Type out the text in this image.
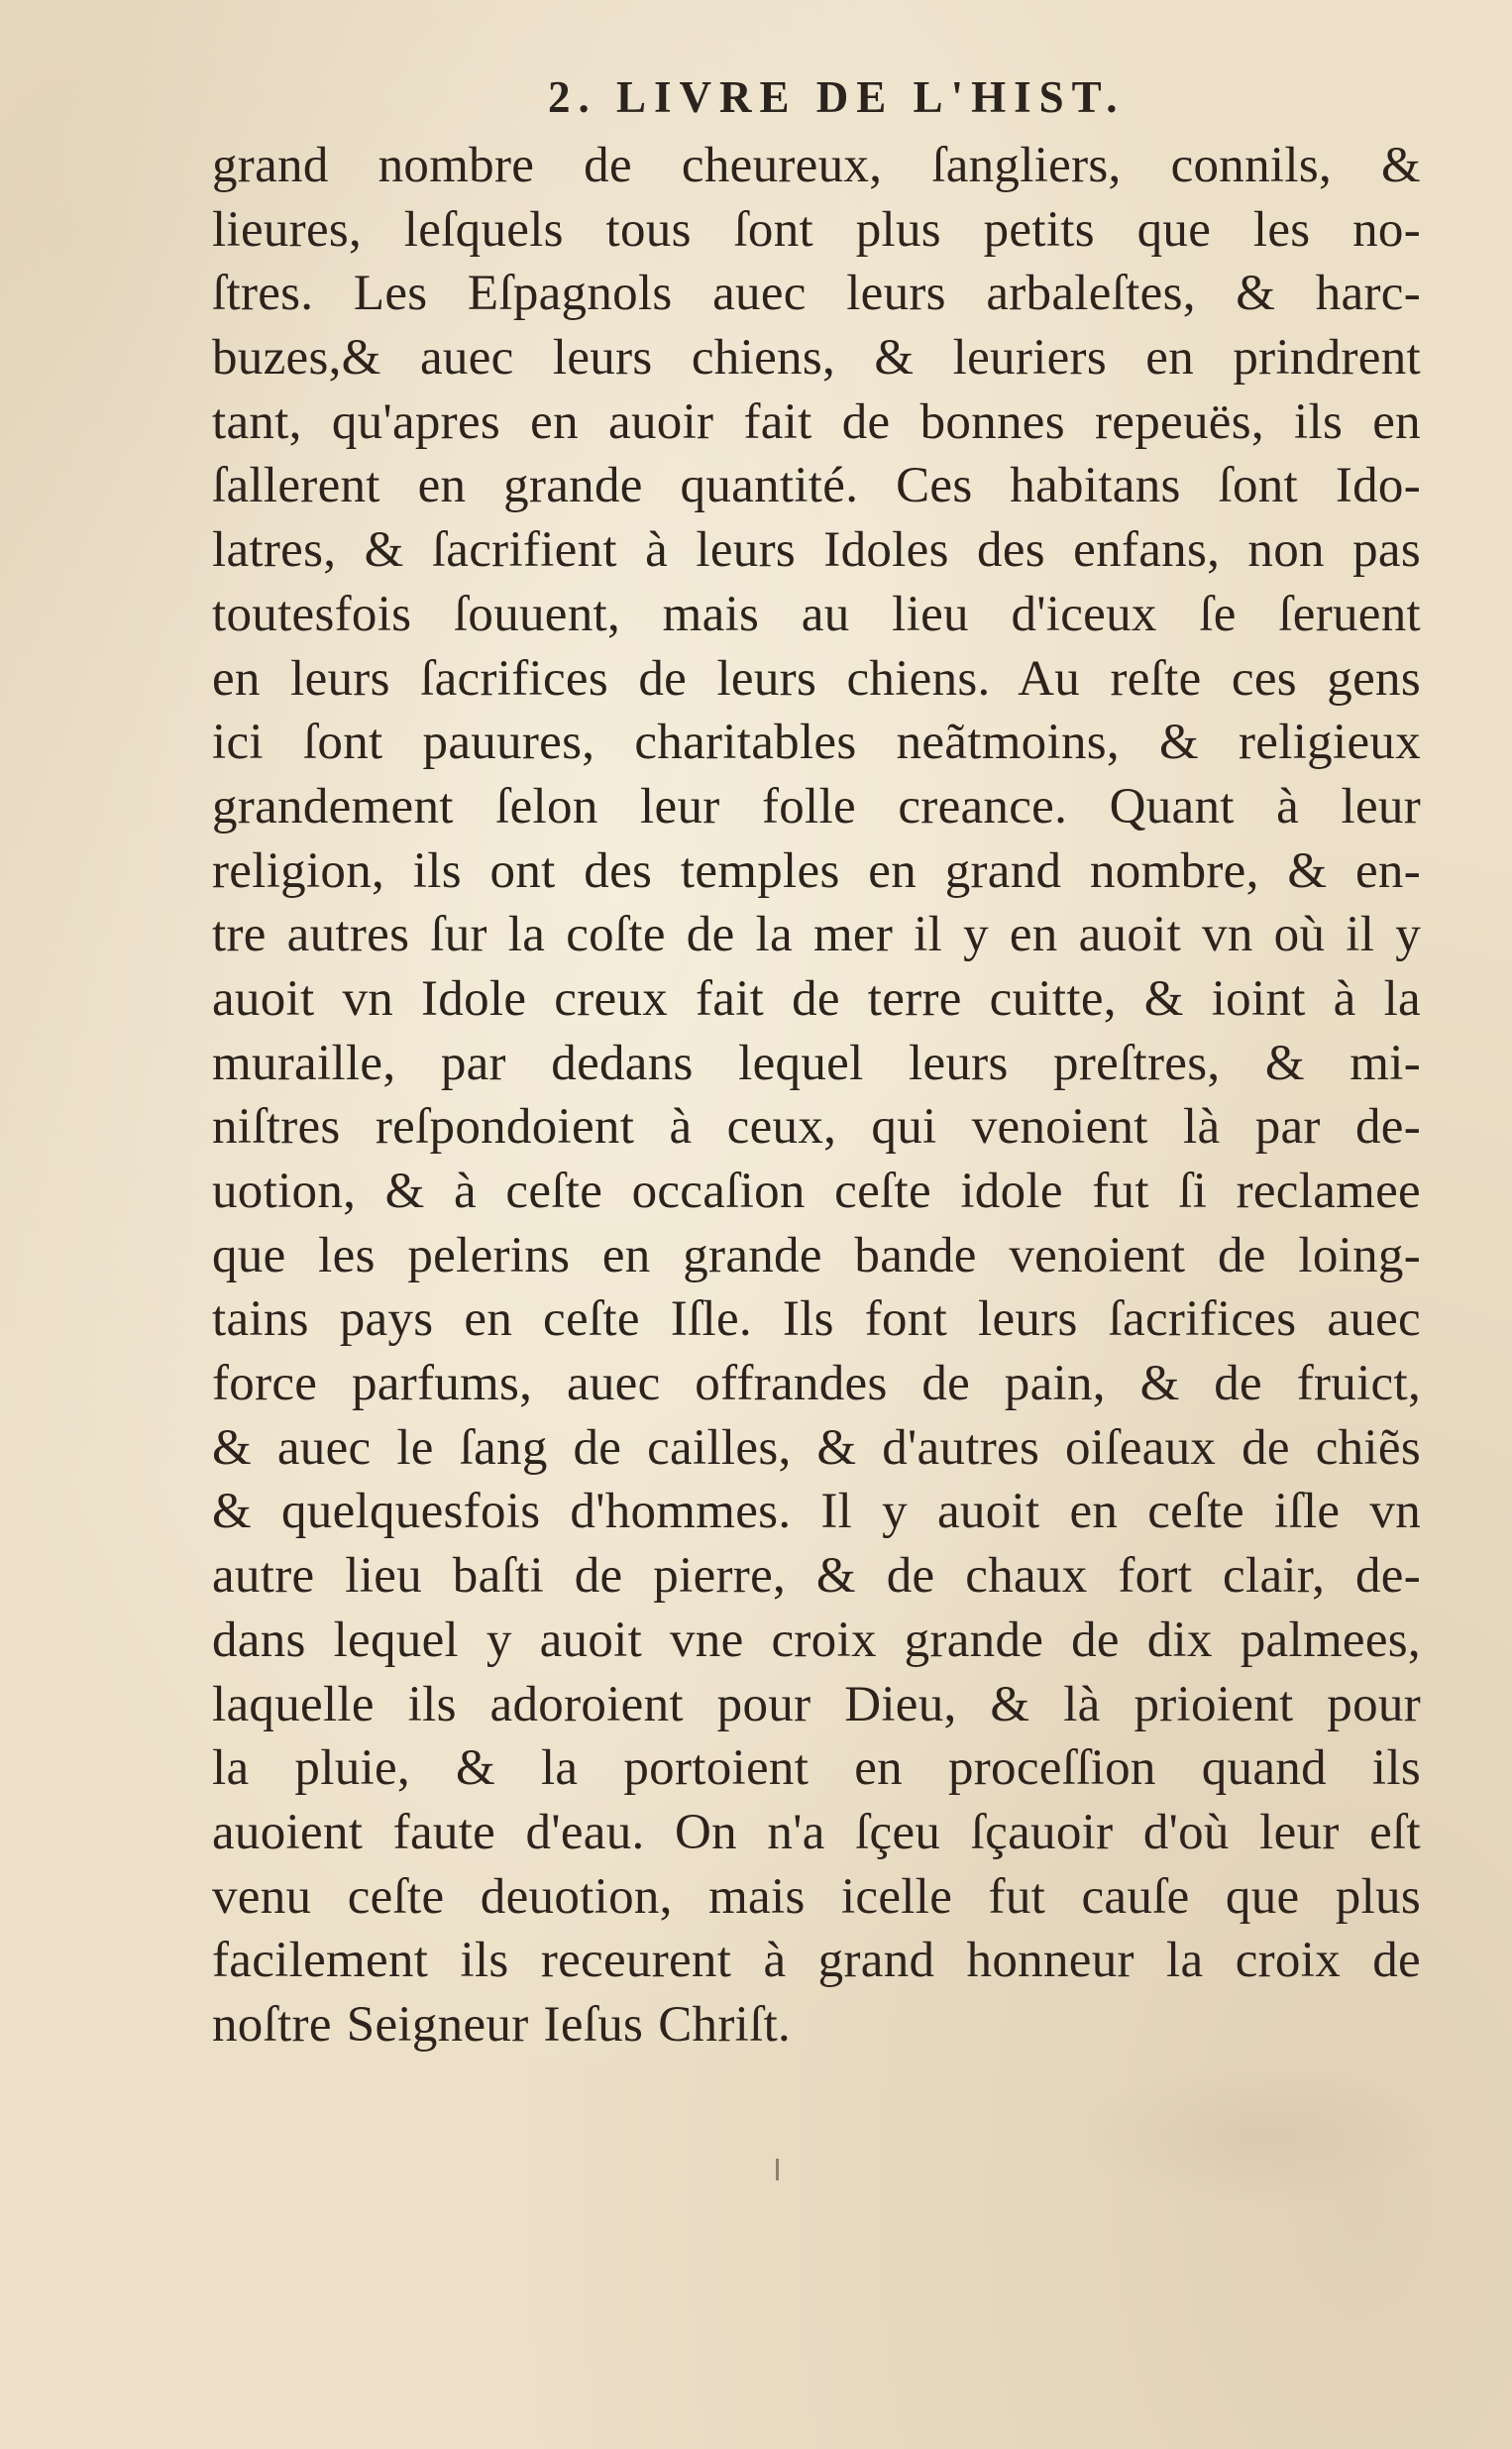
2. LIVRE DE L'HIST.
grand nombre de cheureux, ſangliers, connils, &
lieures, leſquels tous ſont plus petits que les no-
ſtres. Les Eſpagnols auec leurs arbaleſtes, & harc-
buzes,& auec leurs chiens, & leuriers en prindrent
tant, qu'apres en auoir fait de bonnes repeuës, ils en
ſallerent en grande quantité. Ces habitans ſont Ido-
latres, & ſacrifient à leurs Idoles des enfans, non pas
toutesfois ſouuent, mais au lieu d'iceux ſe ſeruent
en leurs ſacrifices de leurs chiens. Au reſte ces gens
ici ſont pauures, charitables neãtmoins, & religieux
grandement ſelon leur folle creance. Quant à leur
religion, ils ont des temples en grand nombre, & en-
tre autres ſur la coſte de la mer il y en auoit vn où il y
auoit vn Idole creux fait de terre cuitte, & ioint à la
muraille, par dedans lequel leurs preſtres, & mi-
niſtres reſpondoient à ceux, qui venoient là par de-
uotion, & à ceſte occaſion ceſte idole fut ſi reclamee
que les pelerins en grande bande venoient de loing-
tains pays en ceſte Iſle. Ils font leurs ſacrifices auec
force parfums, auec offrandes de pain, & de fruict,
& auec le ſang de cailles, & d'autres oiſeaux de chiẽs
& quelquesfois d'hommes. Il y auoit en ceſte iſle vn
autre lieu baſti de pierre, & de chaux fort clair, de-
dans lequel y auoit vne croix grande de dix palmees,
laquelle ils adoroient pour Dieu, & là prioient pour
la pluie, & la portoient en proceſſion quand ils
auoient faute d'eau. On n'a ſçeu ſçauoir d'où leur eſt
venu ceſte deuotion, mais icelle fut cauſe que plus
facilement ils receurent à grand honneur la croix de
noſtre Seigneur Ieſus Chriſt.
